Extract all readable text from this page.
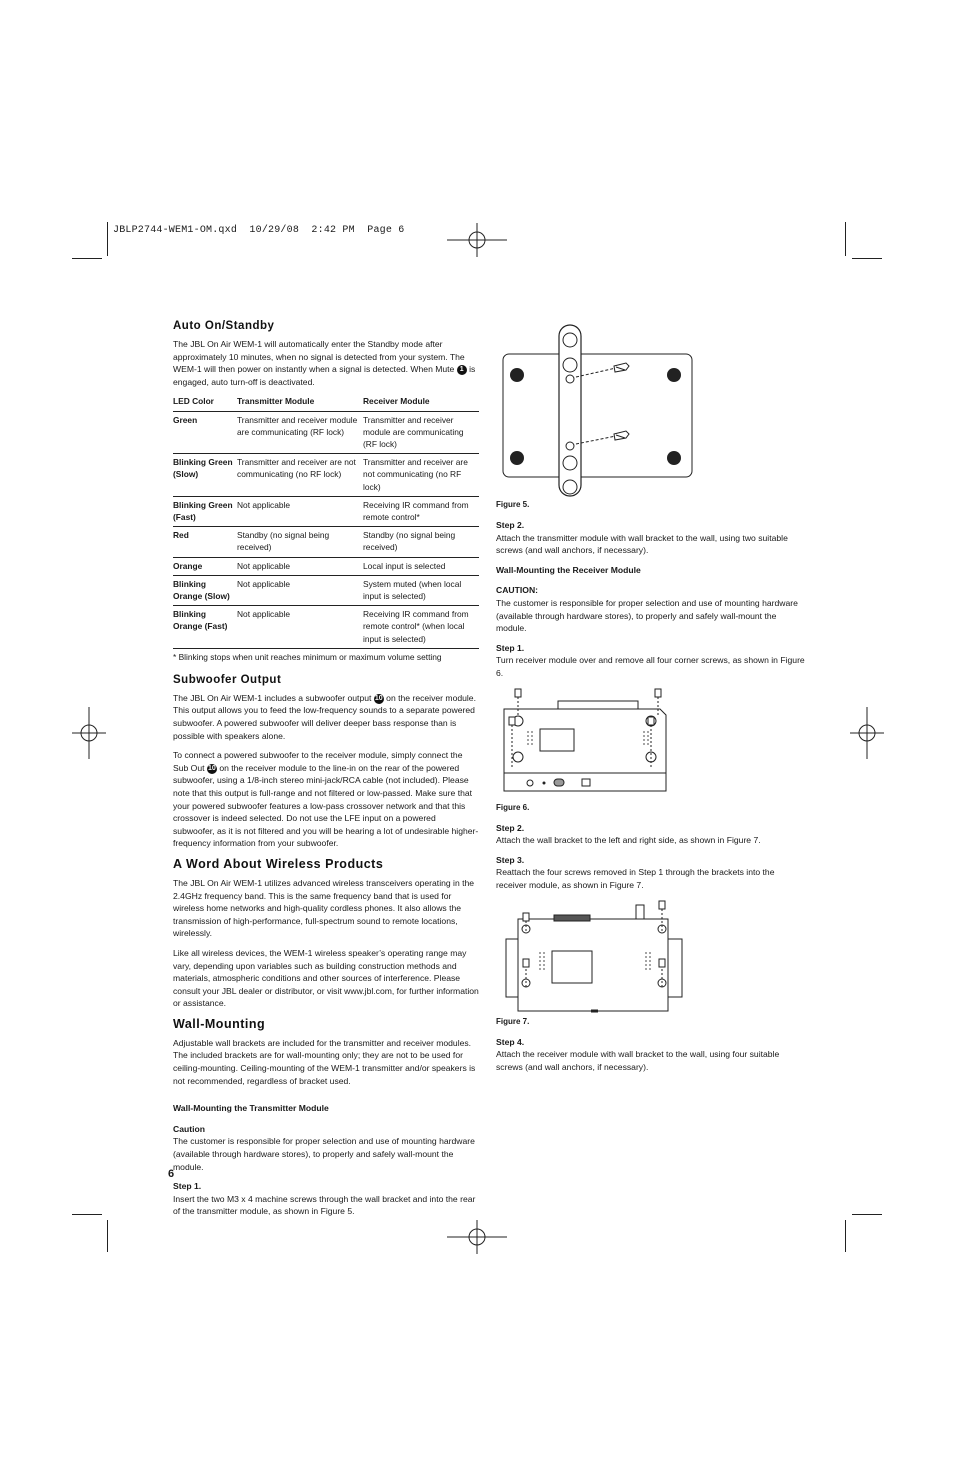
JBLP2744-WEM1-OM.qxd  10/29/08  2:42 PM  Page 6
Auto On/Standby

The JBL On Air WEM-1 will automatically enter the Standby mode after approximately 10 minutes, when no signal is detected from your system. The WEM-1 will then power on instantly when a signal is detected. When Mute 1 is engaged, auto turn-off is deactivated.

LED Color	Transmitter Module	Receiver Module
Green	Transmitter and receiver module are communicating (RF lock)	Transmitter and receiver module are communicating (RF lock)
Blinking Green (Slow)	Transmitter and receiver are not communicating (no RF lock)	Transmitter and receiver are not communicating (no RF lock)
Blinking Green (Fast)	Not applicable	Receiving IR command from remote control*
Red	Standby (no signal being received)	Standby (no signal being received)
Orange	Not applicable	Local input is selected
Blinking Orange (Slow)	Not applicable	System muted (when local input is selected)
Blinking Orange (Fast)	Not applicable	Receiving IR command from remote control* (when local input is selected)
* Blinking stops when unit reaches minimum or maximum volume setting
Subwoofer Output

The JBL On Air WEM-1 includes a subwoofer output 10 on the receiver module. This output allows you to feed the low-frequency sounds to a separate powered subwoofer. A powered subwoofer will deliver deeper bass response than is possible with speakers alone.

To connect a powered subwoofer to the receiver module, simply connect the Sub Out 10 on the receiver module to the line-in on the rear of the powered subwoofer, using a 1/8-inch stereo mini-jack/RCA cable (not included). Please note that this output is full-range and not filtered or low-passed. Make sure that your powered subwoofer features a low-pass crossover network and that this crossover is indeed selected. Do not use the LFE input on a powered subwoofer, as it is not filtered and you will be hearing a lot of undesirable higher-frequency information from your subwoofer.

A Word About Wireless Products

The JBL On Air WEM-1 utilizes advanced wireless transceivers operating in the 2.4GHz frequency band. This is the same frequency band that is used for wireless home networks and high-quality cordless phones. It also allows the transmission of high-performance, full-spectrum sound to remote locations, wirelessly.

Like all wireless devices, the WEM-1 wireless speaker’s operating range may vary, depending upon variables such as building construction methods and materials, atmospheric conditions and other sources of interference. Please consult your JBL dealer or distributor, or visit www.jbl.com, for further information or assistance.

Wall-Mounting

Adjustable wall brackets are included for the transmitter and receiver modules. The included brackets are for wall-mounting only; they are not to be used for ceiling-mounting. Ceiling-mounting of the WEM-1 transmitter and/or speakers is not recommended, regardless of bracket used.

Wall-Mounting the Transmitter Module
Caution

The customer is responsible for proper selection and use of mounting hardware (available through hardware stores), to properly and safely wall-mount the module.

Step 1.

Insert the two M3 x 4 machine screws through the wall bracket and into the rear of the transmitter module, as shown in Figure 5.

6
Figure 5.
Step 2.

Attach the transmitter module with wall bracket to the wall, using two suitable screws (and wall anchors, if necessary).

Wall-Mounting the Receiver Module
CAUTION:

The customer is responsible for proper selection and use of mounting hardware (available through hardware stores), to properly and safely wall-mount the module.

Step 1.

Turn receiver module over and remove all four corner screws, as shown in Figure 6.

Figure 6.
Step 2.

Attach the wall bracket to the left and right side, as shown in Figure 7.

Step 3.

Reattach the four screws removed in Step 1 through the brackets into the receiver module, as shown in Figure 7.

Figure 7.
Step 4.

Attach the receiver module with wall bracket to the wall, using four suitable screws (and wall anchors, if necessary).
